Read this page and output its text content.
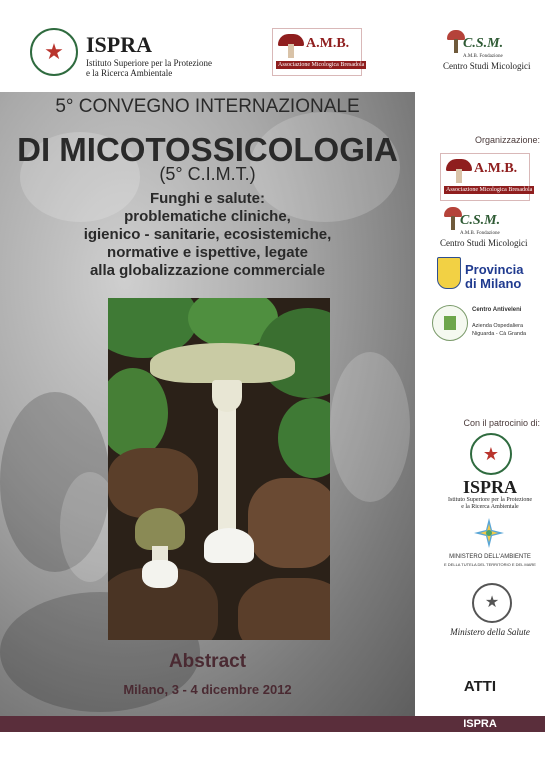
★ ISPRA
Istituto Superiore per la Protezione
e la Ricerca Ambientale
A.M.B.
Associazione Micologica Bresadola
C.S.M.
A.M.B. Fondazione
Centro Studi Micologici
5° CONVEGNO INTERNAZIONALE
DI MICOTOSSICOLOGIA
(5° C.I.M.T.)
Funghi e salute:
problematiche cliniche,
igienico - sanitarie, ecosistemiche,
normative e ispettive, legate
alla globalizzazione commerciale
Abstract
Milano, 3 - 4 dicembre 2012
Organizzazione:
A.M.B.
Associazione Micologica Bresadola
C.S.M.
A.M.B. Fondazione
Centro Studi Micologici
Provincia
di Milano
Centro Antiveleni
Azienda Ospedaliera
Niguarda - Cà Granda
Con il patrocinio di:
★
ISPRA
Istituto Superiore per la Protezione
e la Ricerca Ambientale
MINISTERO DELL'AMBIENTE
E DELLA TUTELA DEL TERRITORIO E DEL MARE
★
Ministero della Salute
ATTI
ISPRA
